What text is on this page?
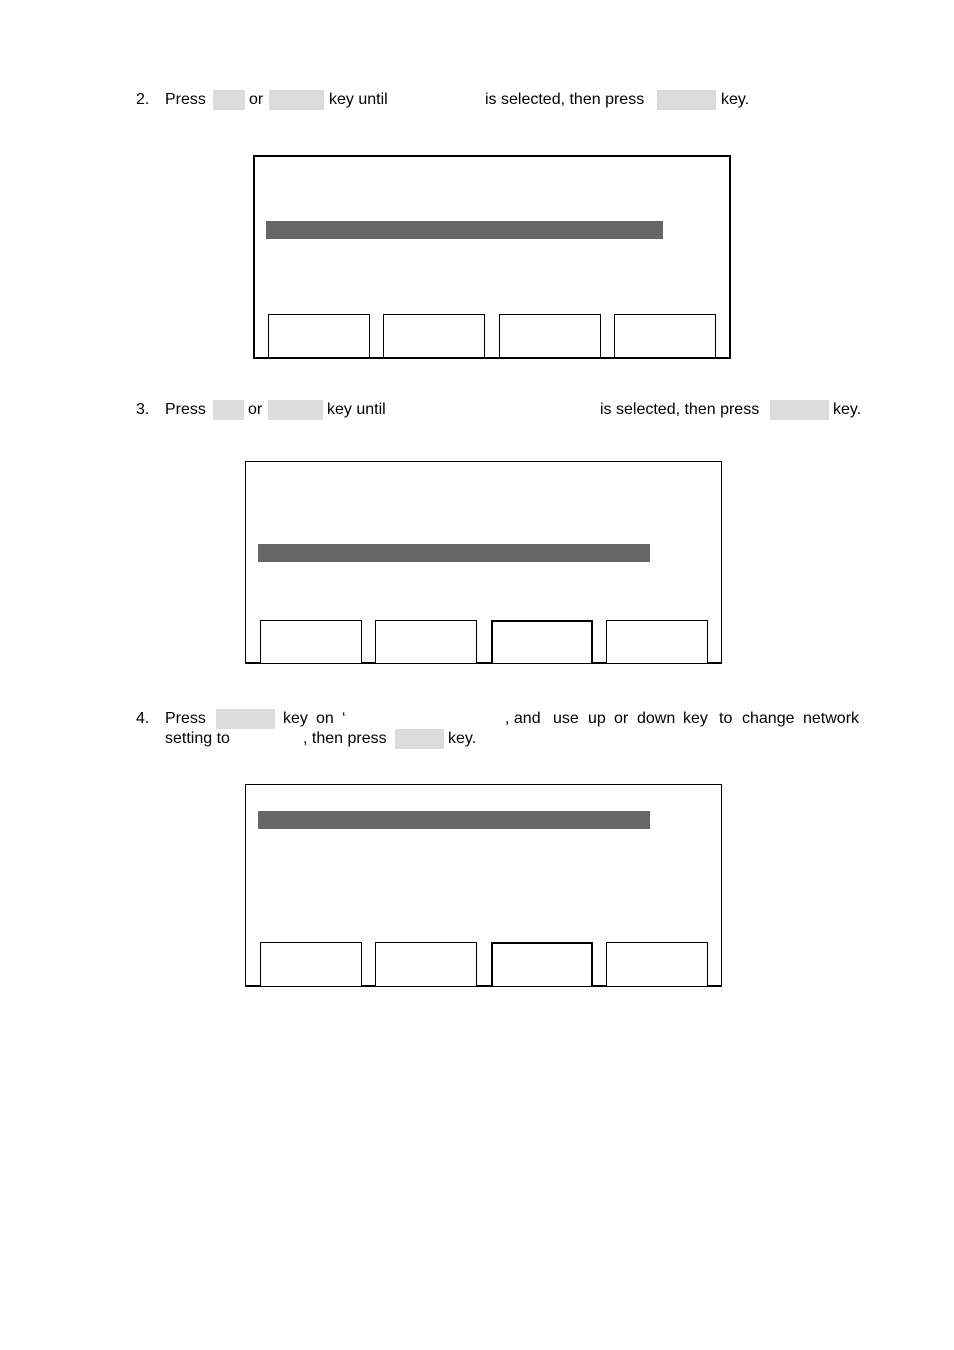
2. Press	or	key until	is selected, then press	key.
3. Press	or	key until	is selected, then press	key.
4. Press	key on ‘	, and use up or down key to change network
setting to	, then press	key.
